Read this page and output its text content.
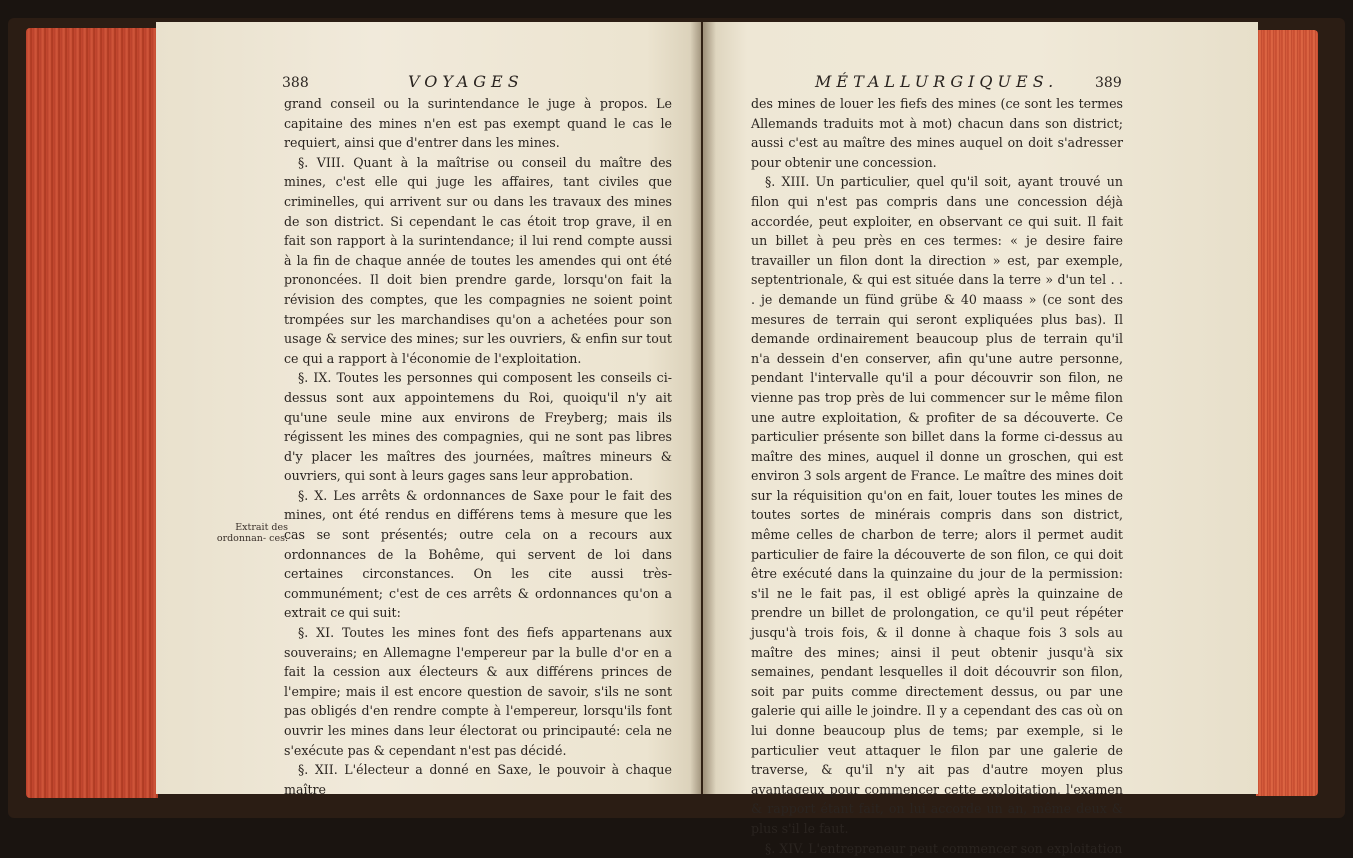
388	VOYAGES
Extrait des ordonnan- ces.

grand conseil ou la surintendance le juge à propos. Le capitaine des mines n'en est pas exempt quand le cas le requiert, ainsi que d'entrer dans les mines.

§. VIII. Quant à la maîtrise ou conseil du maître des mines, c'est elle qui juge les affaires, tant civiles que criminelles, qui arrivent sur ou dans les travaux des mines de son district. Si cependant le cas étoit trop grave, il en fait son rapport à la surintendance; il lui rend compte aussi à la fin de chaque année de toutes les amendes qui ont été prononcées. Il doit bien prendre garde, lorsqu'on fait la révision des comptes, que les compagnies ne soient point trompées sur les marchandises qu'on a achetées pour son usage & service des mines; sur les ouvriers, & enfin sur tout ce qui a rapport à l'économie de l'exploitation.

§. IX. Toutes les personnes qui composent les conseils ci-dessus sont aux appointemens du Roi, quoiqu'il n'y ait qu'une seule mine aux environs de Freyberg; mais ils régissent les mines des compagnies, qui ne sont pas libres d'y placer les maîtres des journées, maîtres mineurs & ouvriers, qui sont à leurs gages sans leur approbation.

§. X. Les arrêts & ordonnances de Saxe pour le fait des mines, ont été rendus en différens tems à mesure que les cas se sont présentés; outre cela on a recours aux ordonnances de la Bohême, qui servent de loi dans certaines circonstances. On les cite aussi très-communément; c'est de ces arrêts & ordonnances qu'on a extrait ce qui suit:

§. XI. Toutes les mines font des fiefs appartenans aux souverains; en Allemagne l'empereur par la bulle d'or en a fait la cession aux électeurs & aux différens princes de l'empire; mais il est encore question de savoir, s'ils ne sont pas obligés d'en rendre compte à l'empereur, lorsqu'ils font ouvrir les mines dans leur électorat ou principauté: cela ne s'exécute pas & cependant n'est pas décidé.

§. XII. L'électeur a donné en Saxe, le pouvoir à chaque maître

MÉTALLURGIQUES.	389

des mines de louer les fiefs des mines (ce sont les termes Allemands traduits mot à mot) chacun dans son district; aussi c'est au maître des mines auquel on doit s'adresser pour obtenir une concession.

§. XIII. Un particulier, quel qu'il soit, ayant trouvé un filon qui n'est pas compris dans une concession déjà accordée, peut exploiter, en observant ce qui suit. Il fait un billet à peu près en ces termes: « je desire faire travailler un filon dont la direction » est, par exemple, septentrionale, & qui est située dans la terre » d'un tel . . . je demande un fünd grübe & 40 maass » (ce sont des mesures de terrain qui seront expliquées plus bas). Il demande ordinairement beaucoup plus de terrain qu'il n'a dessein d'en conserver, afin qu'une autre personne, pendant l'intervalle qu'il a pour découvrir son filon, ne vienne pas trop près de lui commencer sur le même filon une autre exploitation, & profiter de sa découverte. Ce particulier présente son billet dans la forme ci-dessus au maître des mines, auquel il donne un groschen, qui est environ 3 sols argent de France. Le maître des mines doit sur la réquisition qu'on en fait, louer toutes les mines de toutes sortes de minérais compris dans son district, même celles de charbon de terre; alors il permet audit particulier de faire la découverte de son filon, ce qui doit être exécuté dans la quinzaine du jour de la permission: s'il ne le fait pas, il est obligé après la quinzaine de prendre un billet de prolongation, ce qu'il peut répéter jusqu'à trois fois, & il donne à chaque fois 3 sols au maître des mines; ainsi il peut obtenir jusqu'à six semaines, pendant lesquelles il doit découvrir son filon, soit par puits comme directement dessus, ou par une galerie qui aille le joindre. Il y a cependant des cas où on lui donne beaucoup plus de tems; par exemple, si le particulier veut attaquer le filon par une galerie de traverse, & qu'il n'y ait pas d'autre moyen plus avantageux pour commencer cette exploitation, l'examen & rapport étant fait, on lui accorde un an, même deux & plus s'il le faut.

§. XIV. L'entrepreneur peut commencer son exploitation
